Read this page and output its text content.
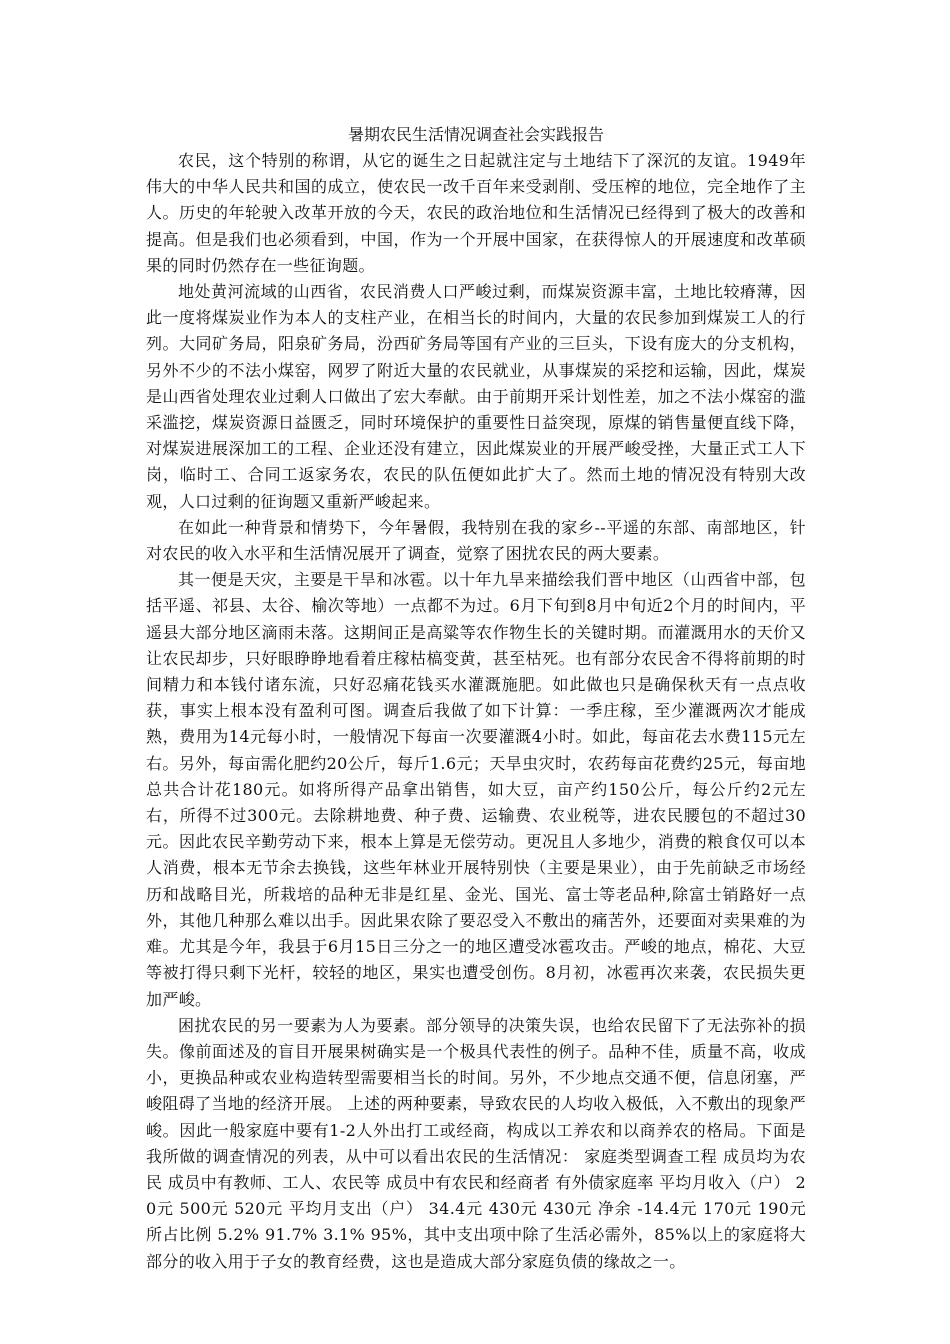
暑期农民生活情况调查社会实践报告

农民，这个特别的称谓，从它的诞生之日起就注定与土地结下了深沉的友谊。1949年伟大的中华人民共和国的成立，使农民一改千百年来受剥削、受压榨的地位，完全地作了主人。历史的年轮驶入改革开放的今天，农民的政治地位和生活情况已经得到了极大的改善和提高。但是我们也必须看到，中国，作为一个开展中国家，在获得惊人的开展速度和改革硕果的同时仍然存在一些征询题。

地处黄河流域的山西省，农民消费人口严峻过剩，而煤炭资源丰富，土地比较瘠薄，因此一度将煤炭业作为本人的支柱产业，在相当长的时间内，大量的农民参加到煤炭工人的行列。大同矿务局，阳泉矿务局，汾西矿务局等国有产业的三巨头，下设有庞大的分支机构，另外不少的不法小煤窑，网罗了附近大量的农民就业，从事煤炭的采挖和运输，因此，煤炭是山西省处理农业过剩人口做出了宏大奉献。由于前期开采计划性差，加之不法小煤窑的滥采滥挖，煤炭资源日益匮乏，同时环境保护的重要性日益突现，原煤的销售量便直线下降，对煤炭进展深加工的工程、企业还没有建立，因此煤炭业的开展严峻受挫，大量正式工人下岗，临时工、合同工返家务农，农民的队伍便如此扩大了。然而土地的情况没有特别大改观，人口过剩的征询题又重新严峻起来。

在如此一种背景和情势下，今年暑假，我特别在我的家乡--平遥的东部、南部地区，针对农民的收入水平和生活情况展开了调查，觉察了困扰农民的两大要素。

其一便是天灾，主要是干旱和冰雹。以十年九旱来描绘我们晋中地区（山西省中部，包括平遥、祁县、太谷、榆次等地）一点都不为过。6月下旬到8月中旬近2个月的时间内，平遥县大部分地区滴雨未落。这期间正是高粱等农作物生长的关键时期。而灌溉用水的天价又让农民却步，只好眼睁睁地看着庄稼枯槁变黄，甚至枯死。也有部分农民舍不得将前期的时间精力和本钱付诸东流，只好忍痛花钱买水灌溉施肥。如此做也只是确保秋天有一点点收获，事实上根本没有盈利可图。调查后我做了如下计算：一季庄稼，至少灌溉两次才能成熟，费用为14元每小时，一般情况下每亩一次要灌溉4小时。如此，每亩花去水费115元左右。另外，每亩需化肥约20公斤，每斤1.6元；天旱虫灾时，农药每亩花费约25元，每亩地总共合计花180元。如将所得产品拿出销售，如大豆，亩产约150公斤，每公斤约2元左右，所得不过300元。去除耕地费、种子费、运输费、农业税等，进农民腰包的不超过30元。因此农民辛勤劳动下来，根本上算是无偿劳动。更况且人多地少，消费的粮食仅可以本人消费，根本无节余去换钱，这些年林业开展特别快（主要是果业），由于先前缺乏市场经历和战略目光，所栽培的品种无非是红星、金光、国光、富士等老品种,除富士销路好一点外，其他几种那么难以出手。因此果农除了要忍受入不敷出的痛苦外，还要面对卖果难的为难。尤其是今年，我县于6月15日三分之一的地区遭受冰雹攻击。严峻的地点，棉花、大豆等被打得只剩下光杆，较轻的地区，果实也遭受创伤。8月初，冰雹再次来袭，农民损失更加严峻。

困扰农民的另一要素为人为要素。部分领导的决策失误，也给农民留下了无法弥补的损失。像前面述及的盲目开展果树确实是一个极具代表性的例子。品种不佳，质量不高，收成小，更换品种或农业构造转型需要相当长的时间。另外，不少地点交通不便，信息闭塞，严峻阻碍了当地的经济开展。 上述的两种要素，导致农民的人均收入极低，入不敷出的现象严峻。因此一般家庭中要有1-2人外出打工或经商，构成以工养农和以商养农的格局。下面是我所做的调查情况的列表，从中可以看出农民的生活情况： 家庭类型调查工程 成员均为农民 成员中有教师、工人、农民等 成员中有农民和经商者 有外债家庭率 平均月收入（户） 20元 500元 520元 平均月支出（户） 34.4元 430元 430元 净余 -14.4元 170元 190元 所占比例 5.2% 91.7% 3.1% 95%，其中支出项中除了生活必需外，85%以上的家庭将大部分的收入用于子女的教育经费，这也是造成大部分家庭负债的缘故之一。
